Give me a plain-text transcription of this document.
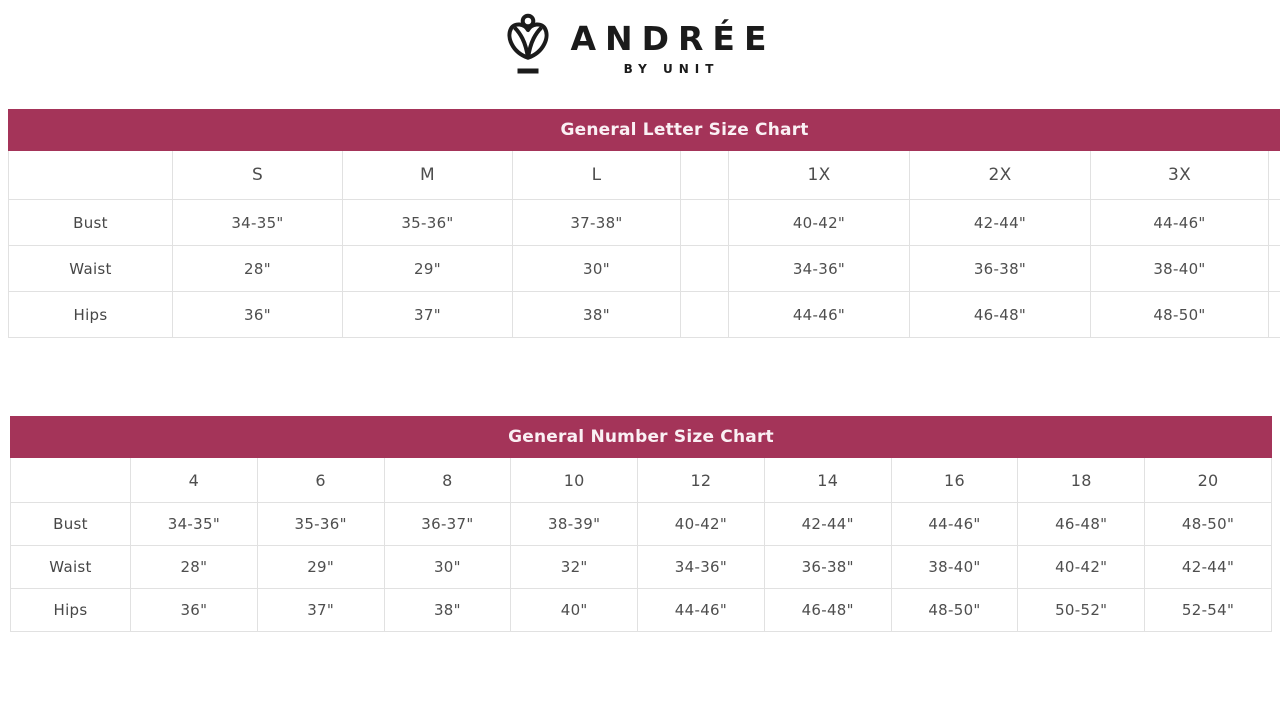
ANDRÉE
BY UNIT
General Letter Size Chart								
	S	M	L		1X	2X	3X	
Bust	34-35"	35-36"	37-38"		40-42"	42-44"	44-46"	
Waist	28"	29"	30"		34-36"	36-38"	38-40"	
Hips	36"	37"	38"		44-46"	46-48"	48-50"	
General Number Size Chart									
	4	6	8	10	12	14	16	18	20
Bust	34-35"	35-36"	36-37"	38-39"	40-42"	42-44"	44-46"	46-48"	48-50"
Waist	28"	29"	30"	32"	34-36"	36-38"	38-40"	40-42"	42-44"
Hips	36"	37"	38"	40"	44-46"	46-48"	48-50"	50-52"	52-54"
